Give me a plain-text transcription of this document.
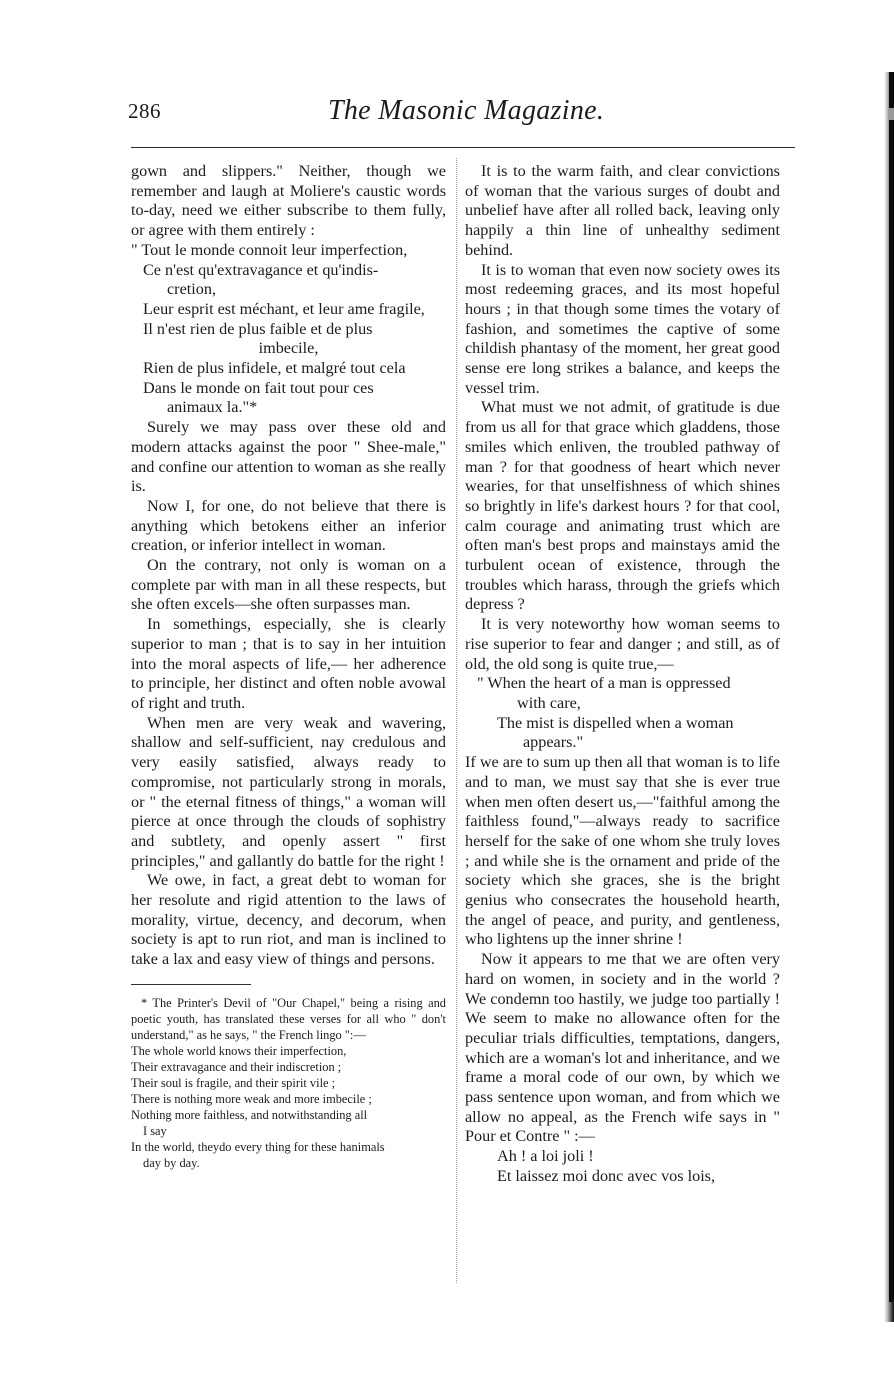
286	The Masonic Magazine.

gown and slippers." Neither, though we remember and laugh at Moliere's caustic words to-day, need we either subscribe to them fully, or agree with them entirely :

" Tout le monde connoit leur imperfection,
Ce n'est qu'extravagance et qu'indis-
cretion,
Leur esprit est méchant, et leur ame fragile,
Il n'est rien de plus faible et de plus
imbecile,
Rien de plus infidele, et malgré tout cela
Dans le monde on fait tout pour ces
animaux la."*

Surely we may pass over these old and modern attacks against the poor " Shee-male," and confine our attention to woman as she really is.

Now I, for one, do not believe that there is anything which betokens either an inferior creation, or inferior intellect in woman.

On the contrary, not only is woman on a complete par with man in all these respects, but she often excels—she often surpasses man.

In somethings, especially, she is clearly superior to man ; that is to say in her intuition into the moral aspects of life,— her adherence to principle, her distinct and often noble avowal of right and truth.

When men are very weak and wavering, shallow and self-sufficient, nay credulous and very easily satisfied, always ready to compromise, not particularly strong in morals, or " the eternal fitness of things," a woman will pierce at once through the clouds of sophistry and subtlety, and openly assert " first principles," and gallantly do battle for the right !

We owe, in fact, a great debt to woman for her resolute and rigid attention to the laws of morality, virtue, decency, and decorum, when society is apt to run riot, and man is inclined to take a lax and easy view of things and persons.

* The Printer's Devil of "Our Chapel," being a rising and poetic youth, has translated these verses for all who " don't understand," as he says, " the French lingo ":—

The whole world knows their imperfection,
Their extravagance and their indiscretion ;
Their soul is fragile, and their spirit vile ;
There is nothing more weak and more imbecile ;
Nothing more faithless, and notwithstanding all
I say
In the world, theydo every thing for these hanimals
day by day.

It is to the warm faith, and clear convictions of woman that the various surges of doubt and unbelief have after all rolled back, leaving only happily a thin line of unhealthy sediment behind.

It is to woman that even now society owes its most redeeming graces, and its most hopeful hours ; in that though some times the votary of fashion, and sometimes the captive of some childish phantasy of the moment, her great good sense ere long strikes a balance, and keeps the vessel trim.

What must we not admit, of gratitude is due from us all for that grace which gladdens, those smiles which enliven, the troubled pathway of man ? for that goodness of heart which never wearies, for that unselfishness of which shines so brightly in life's darkest hours ? for that cool, calm courage and animating trust which are often man's best props and mainstays amid the turbulent ocean of existence, through the troubles which harass, through the griefs which depress ?

It is very noteworthy how woman seems to rise superior to fear and danger ; and still, as of old, the old song is quite true,—

" When the heart of a man is oppressed
with care,
The mist is dispelled when a woman
appears."

If we are to sum up then all that woman is to life and to man, we must say that she is ever true when men often desert us,—"faithful among the faithless found,"—always ready to sacrifice herself for the sake of one whom she truly loves ; and while she is the ornament and pride of the society which she graces, she is the bright genius who consecrates the household hearth, the angel of peace, and purity, and gentleness, who lightens up the inner shrine !

Now it appears to me that we are often very hard on women, in society and in the world ? We condemn too hastily, we judge too partially ! We seem to make no allowance often for the peculiar trials difficulties, temptations, dangers, which are a woman's lot and inheritance, and we frame a moral code of our own, by which we pass sentence upon woman, and from which we allow no appeal, as the French wife says in " Pour et Contre " :—

Ah ! a loi joli !
Et laissez moi donc avec vos lois,
